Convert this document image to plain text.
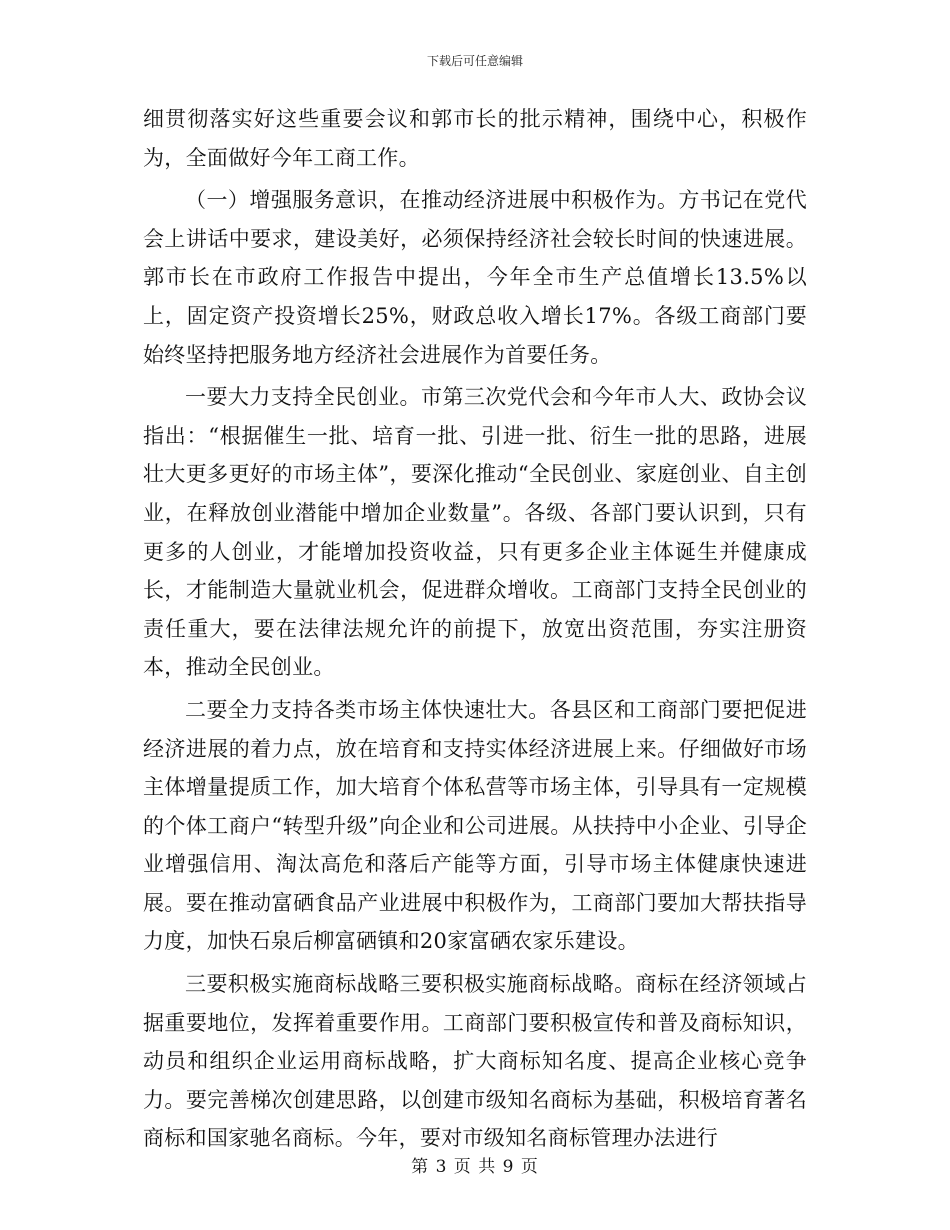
下载后可任意编辑

细贯彻落实好这些重要会议和郭市长的批示精神，围绕中心，积极作为，全面做好今年工商工作。

（一）增强服务意识，在推动经济进展中积极作为。方书记在党代会上讲话中要求，建设美好，必须保持经济社会较长时间的快速进展。郭市长在市政府工作报告中提出，今年全市生产总值增长13.5%以上，固定资产投资增长25%，财政总收入增长17%。各级工商部门要始终坚持把服务地方经济社会进展作为首要任务。

一要大力支持全民创业。市第三次党代会和今年市人大、政协会议指出：“根据催生一批、培育一批、引进一批、衍生一批的思路，进展壮大更多更好的市场主体”，要深化推动“全民创业、家庭创业、自主创业，在释放创业潜能中增加企业数量”。各级、各部门要认识到，只有更多的人创业，才能增加投资收益，只有更多企业主体诞生并健康成长，才能制造大量就业机会，促进群众增收。工商部门支持全民创业的责任重大，要在法律法规允许的前提下，放宽出资范围，夯实注册资本，推动全民创业。

二要全力支持各类市场主体快速壮大。各县区和工商部门要把促进经济进展的着力点，放在培育和支持实体经济进展上来。仔细做好市场主体增量提质工作，加大培育个体私营等市场主体，引导具有一定规模的个体工商户“转型升级”向企业和公司进展。从扶持中小企业、引导企业增强信用、淘汰高危和落后产能等方面，引导市场主体健康快速进展。要在推动富硒食品产业进展中积极作为，工商部门要加大帮扶指导力度，加快石泉后柳富硒镇和20家富硒农家乐建设。

三要积极实施商标战略三要积极实施商标战略。商标在经济领域占据重要地位，发挥着重要作用。工商部门要积极宣传和普及商标知识，动员和组织企业运用商标战略，扩大商标知名度、提高企业核心竞争力。要完善梯次创建思路，以创建市级知名商标为基础，积极培育著名商标和国家驰名商标。今年，要对市级知名商标管理办法进行

第 3 页 共 9 页
